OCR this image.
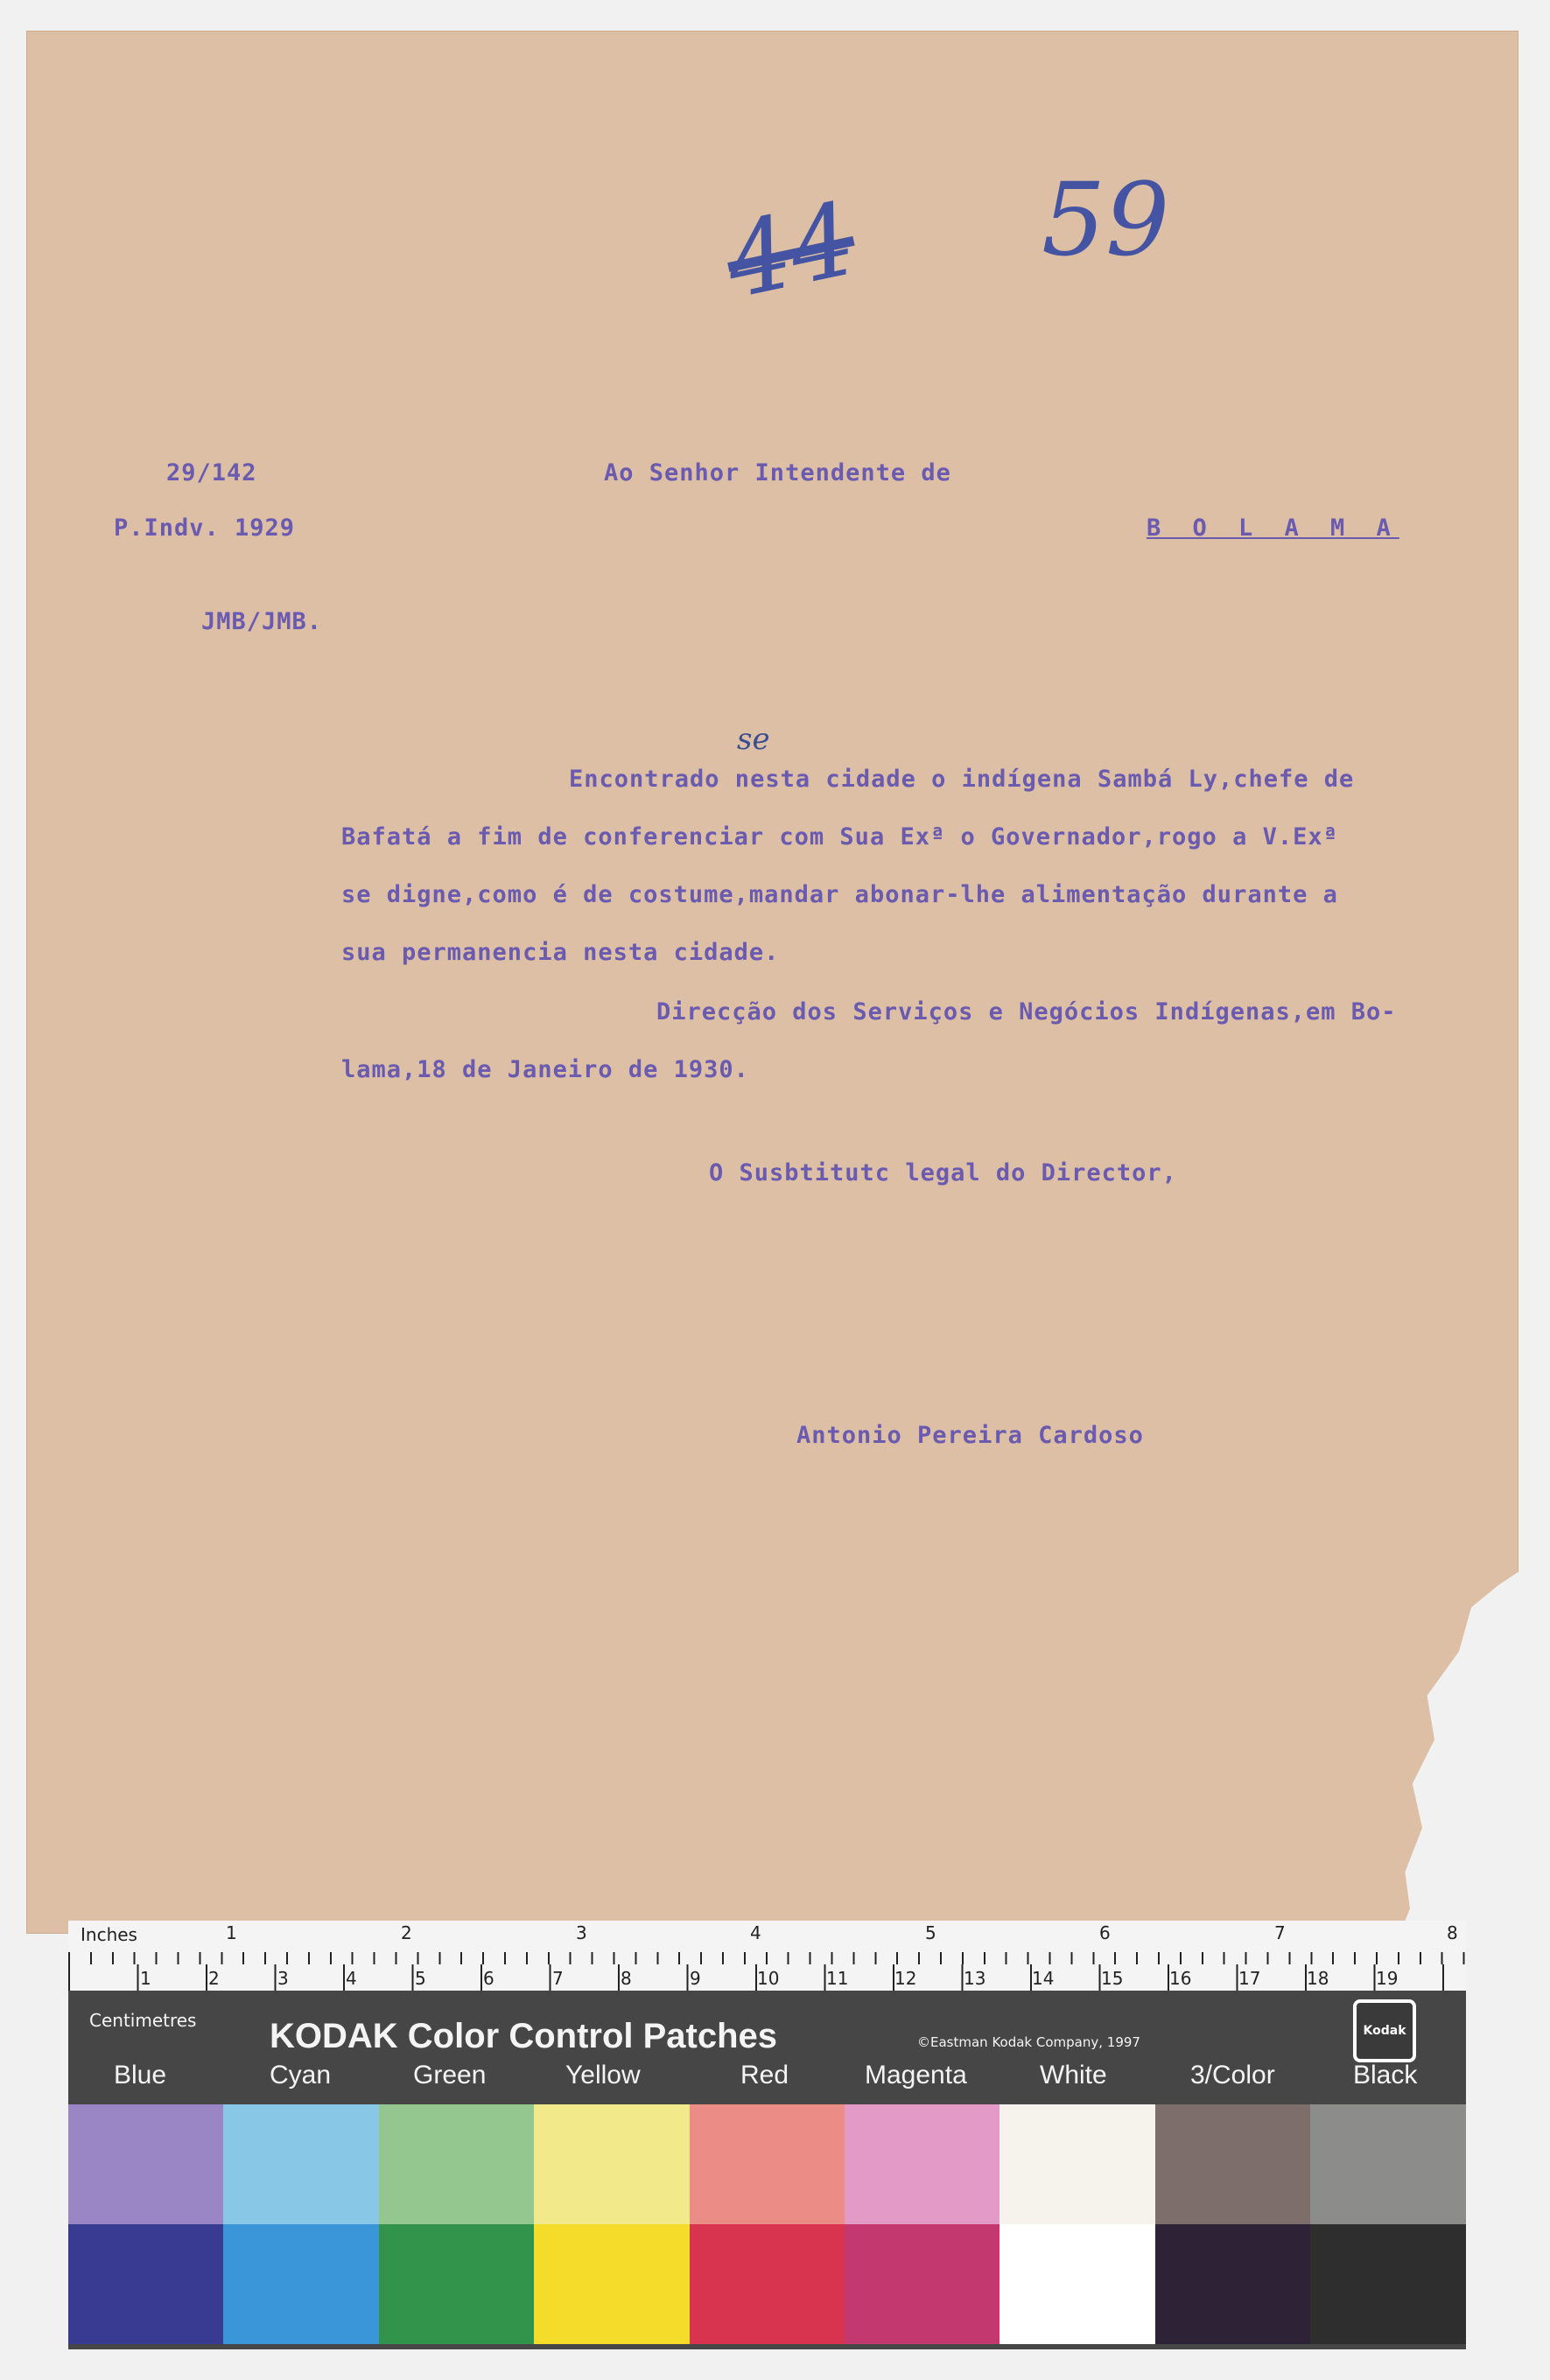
44 59
29/142
P.Indv. 1929
JMB/JMB.
Ao Senhor Intendente de
B O L A M A
se
Encontrado nesta cidade o indígena Sambá Ly,chefe de
Bafatá a fim de conferenciar com Sua Exª o Governador,rogo a V.Exª
se digne,como é de costume,mandar abonar-lhe alimentação durante a
sua permanencia nesta cidade.
Direcção dos Serviços e Negócios Indígenas,em Bo-
lama,18 de Janeiro de 1930.
O Susbtitutc legal do Director,
Antonio Pereira Cardoso
Inches	1	2	3	4	5	6	7	8
1	2	3	4	5	6	7	8	9	10	11	12	13	14	15	16	17	18	19
Centimetres KODAK Color Control Patches	©Eastman Kodak Company, 1997
Kodak
Blue	Cyan	Green	Yellow	Red	Magenta	White	3/Color	Black
